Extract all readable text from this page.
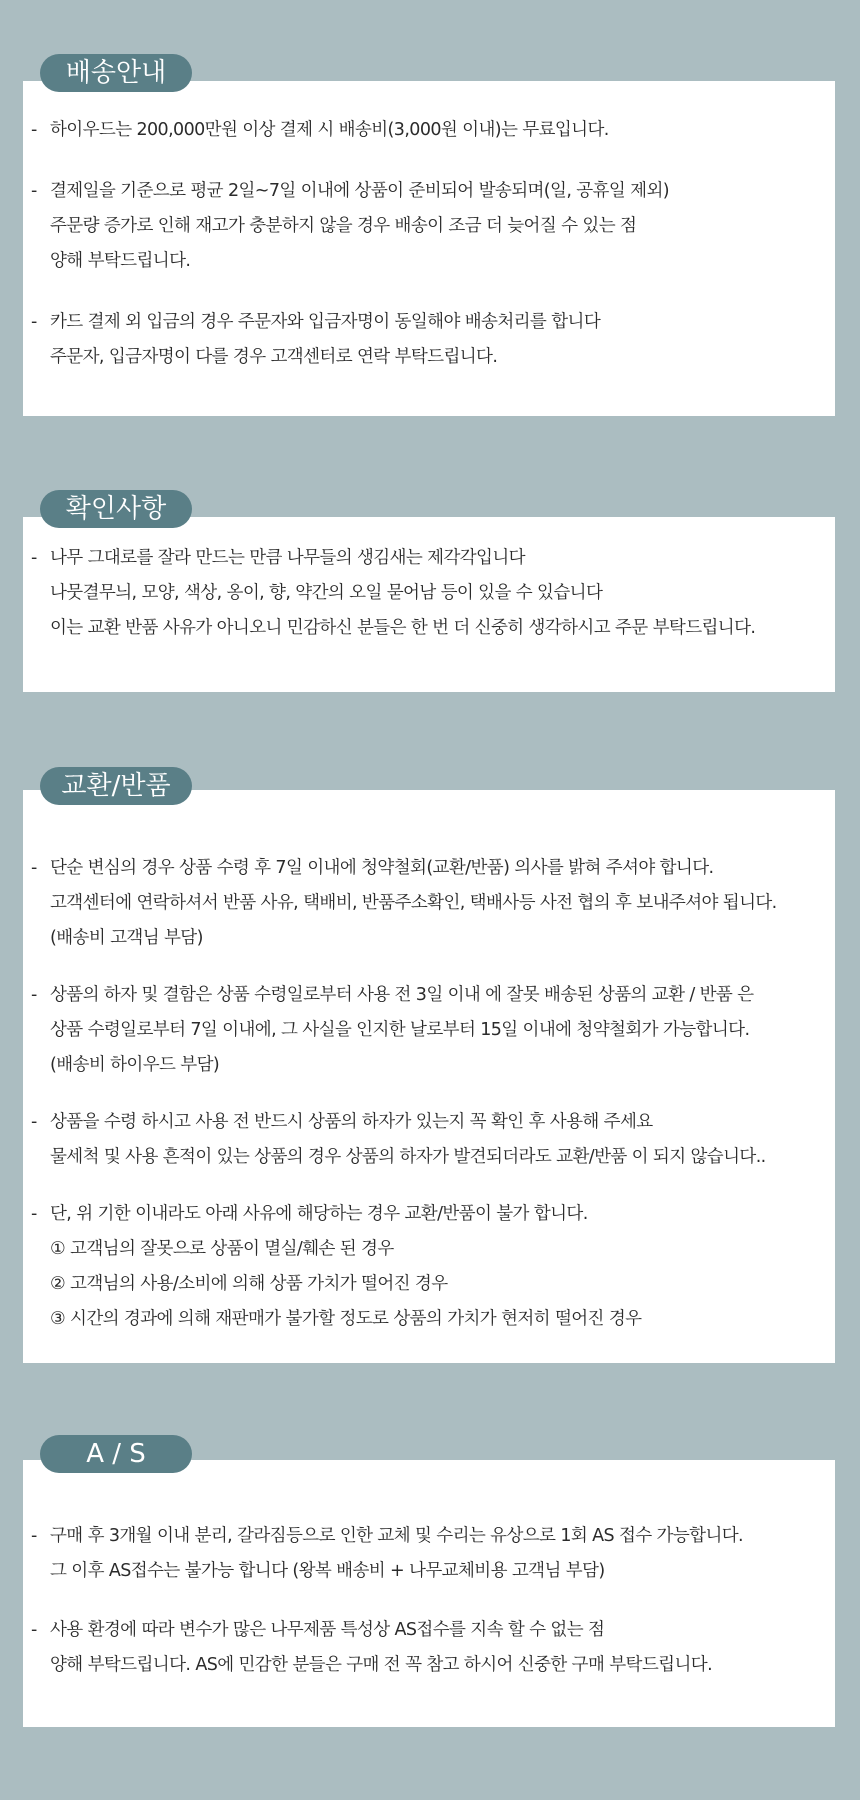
배송안내
- 하이우드는 200,000만원 이상 결제 시 배송비(3,000원 이내)는 무료입니다.
- 결제일을 기준으로 평균 2일~7일 이내에 상품이 준비되어 발송되며(일, 공휴일 제외)
주문량 증가로 인해 재고가 충분하지 않을 경우 배송이 조금 더 늦어질 수 있는 점
양해 부탁드립니다.
- 카드 결제 외 입금의 경우 주문자와 입금자명이 동일해야 배송처리를 합니다
주문자, 입금자명이 다를 경우 고객센터로 연락 부탁드립니다.
확인사항
- 나무 그대로를 잘라 만드는 만큼 나무들의 생김새는 제각각입니다
나뭇결무늬, 모양, 색상, 옹이, 향, 약간의 오일 묻어남 등이 있을 수 있습니다
이는 교환 반품 사유가 아니오니 민감하신 분들은 한 번 더 신중히 생각하시고 주문 부탁드립니다.
교환/반품
- 단순 변심의 경우 상품 수령 후 7일 이내에 청약철회(교환/반품) 의사를 밝혀 주셔야 합니다.
고객센터에 연락하셔서 반품 사유, 택배비, 반품주소확인, 택배사등 사전 협의 후 보내주셔야 됩니다.
(배송비 고객님 부담)
- 상품의 하자 및 결함은 상품 수령일로부터 사용 전 3일 이내 에 잘못 배송된 상품의 교환 / 반품 은
상품 수령일로부터 7일 이내에, 그 사실을 인지한 날로부터 15일 이내에 청약철회가 가능합니다.
(배송비 하이우드 부담)
- 상품을 수령 하시고 사용 전 반드시 상품의 하자가 있는지 꼭 확인 후 사용해 주세요
물세척 및 사용 흔적이 있는 상품의 경우 상품의 하자가 발견되더라도 교환/반품 이 되지 않습니다..
- 단, 위 기한 이내라도 아래 사유에 해당하는 경우 교환/반품이 불가 합니다.
① 고객님의 잘못으로 상품이 멸실/훼손 된 경우
② 고객님의 사용/소비에 의해 상품 가치가 떨어진 경우
③ 시간의 경과에 의해 재판매가 불가할 정도로 상품의 가치가 현저히 떨어진 경우
A / S
- 구매 후 3개월 이내 분리, 갈라짐등으로 인한 교체 및 수리는 유상으로 1회 AS 접수 가능합니다.
그 이후 AS접수는 불가능 합니다 (왕복 배송비 + 나무교체비용 고객님 부담)
- 사용 환경에 따라 변수가 많은 나무제품 특성상 AS접수를 지속 할 수 없는 점
양해 부탁드립니다. AS에 민감한 분들은 구매 전 꼭 참고 하시어 신중한 구매 부탁드립니다.
